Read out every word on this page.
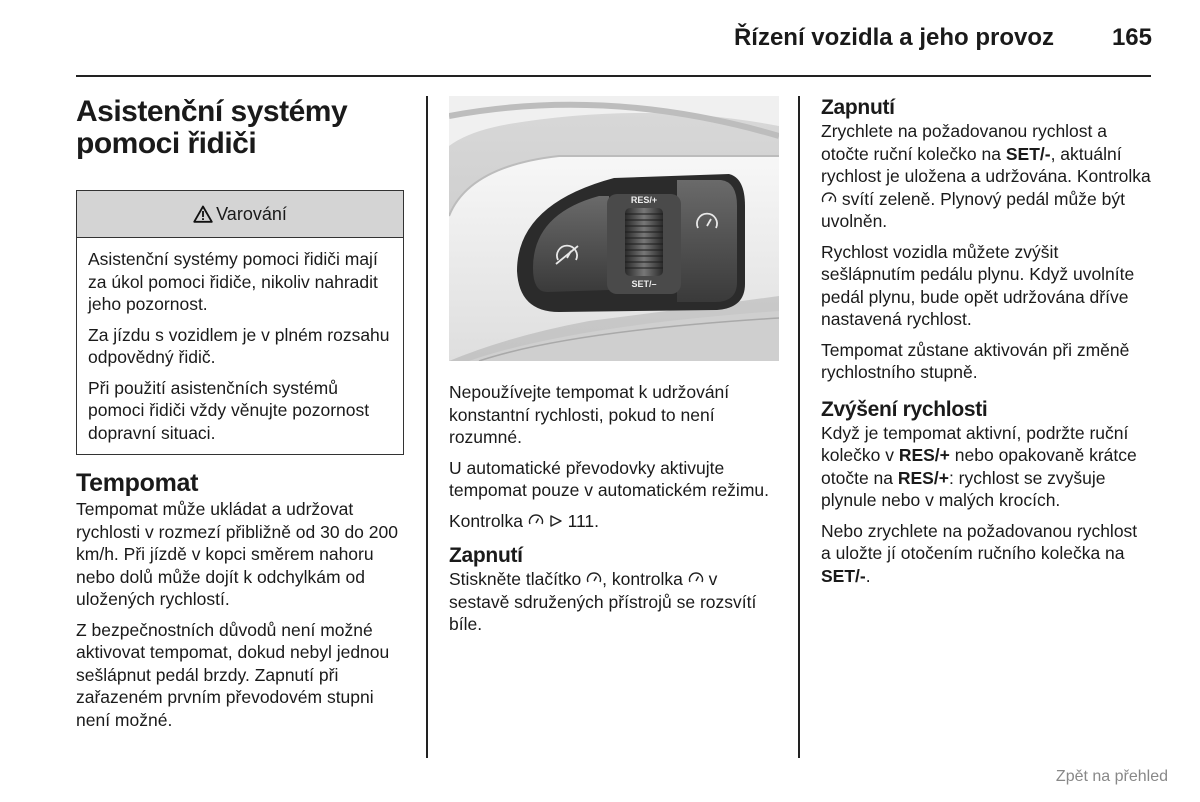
Řízení vozidla a jeho provoz 165
Asistenční systémy
pomoci řidiči
Varování

Asistenční systémy pomoci řidiči mají za úkol pomoci řidiče, nikoliv nahradit jeho pozornost.

Za jízdu s vozidlem je v plném rozsahu odpovědný řidič.

Při použití asistenčních systémů pomoci řidiči vždy věnujte pozornost dopravní situaci.

Tempomat

Tempomat může ukládat a udržovat rychlosti v rozmezí přibližně od 30 do 200 km/h. Při jízdě v kopci směrem nahoru nebo dolů může dojít k odchylkám od uložených rychlostí.

Z bezpečnostních důvodů není možné aktivovat tempomat, dokud nebyl jednou sešlápnut pedál brzdy. Zapnutí při zařazeném prvním převodovém stupni není možné.

RES/+
SET/–

Nepoužívejte tempomat k udržování konstantní rychlosti, pokud to není rozumné.

U automatické převodovky aktivujte tempomat pouze v automatickém režimu.

Kontrolka	111.

Zapnutí

Stiskněte tlačítko , kontrolka v sestavě sdružených přístrojů se rozsvítí bíle.

Zapnutí

Zrychlete na požadovanou rychlost a otočte ruční kolečko na SET/-, aktuální rychlost je uložena a udržována. Kontrolka  svítí zeleně. Plynový pedál může být uvolněn.

Rychlost vozidla můžete zvýšit sešlápnutím pedálu plynu. Když uvolníte pedál plynu, bude opět udržována dříve nastavená rychlost.

Tempomat zůstane aktivován při změně rychlostního stupně.

Zvýšení rychlosti

Když je tempomat aktivní, podržte ruční kolečko v RES/+ nebo opakovaně krátce otočte na RES/+: rychlost se zvyšuje plynule nebo v malých krocích.

Nebo zrychlete na požadovanou rychlost a uložte jí otočením ručního kolečka na SET/-.

Zpět na přehled
